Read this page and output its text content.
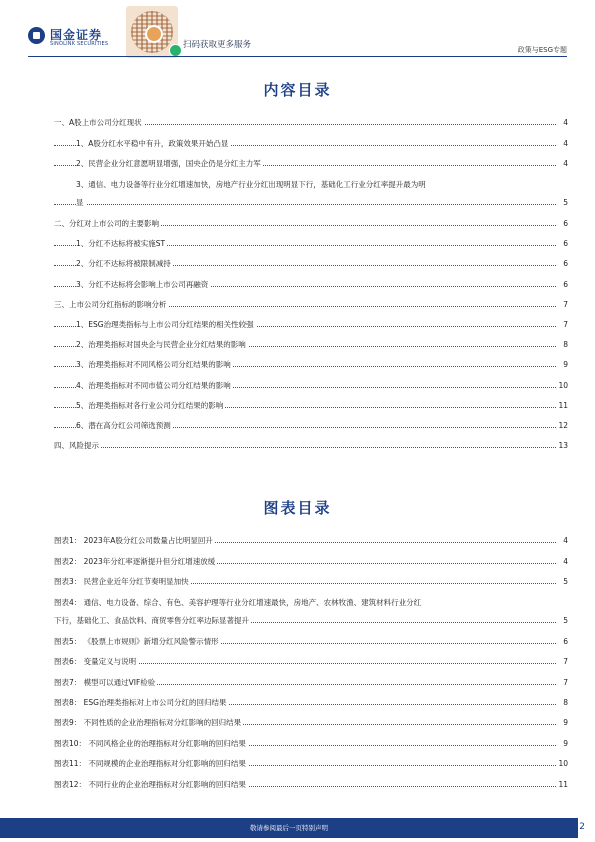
国金证券
SINOLINK SECURITIES	扫码获取更多服务	政策与ESG专题
内容目录
一、A股上市公司分红现状	4
1、A股分红水平稳中有升，政策效果开始凸显	4
2、民营企业分红意愿明显增强，国央企仍是分红主力军	4
3、通信、电力设备等行业分红增速加快，房地产行业分红出现明显下行，基础化工行业分红率提升最为明
显	5
二、分红对上市公司的主要影响	6
1、分红不达标将被实施ST	6
2、分红不达标将被限制减持	6
3、分红不达标将会影响上市公司再融资	6
三、上市公司分红指标的影响分析	7
1、ESG治理类指标与上市公司分红结果的相关性较强	7
2、治理类指标对国央企与民营企业分红结果的影响	8
3、治理类指标对不同风格公司分红结果的影响	9
4、治理类指标对不同市值公司分红结果的影响	10
5、治理类指标对各行业公司分红结果的影响	11
6、潜在高分红公司筛选预测	12
四、风险提示	13
图表目录
图表1： 2023年A股分红公司数量占比明显回升	4
图表2： 2023年分红率逐渐提升但分红增速放缓	4
图表3： 民营企业近年分红节奏明显加快	5
图表4： 通信、电力设备、综合、有色、美容护理等行业分红增速最快，房地产、农林牧渔、建筑材料行业分红
下行，基础化工、食品饮料、商贸零售分红率边际显著提升	5
图表5： 《股票上市规则》新增分红风险警示情形	6
图表6： 变量定义与说明	7
图表7： 模型可以通过VIF检验	7
图表8： ESG治理类指标对上市公司分红的回归结果	8
图表9： 不同性质的企业治理指标对分红影响的回归结果	9
图表10： 不同风格企业的治理指标对分红影响的回归结果	9
图表11： 不同规模的企业治理指标对分红影响的回归结果	10
图表12： 不同行业的企业治理指标对分红影响的回归结果	11
敬请参阅最后一页特别声明	2
